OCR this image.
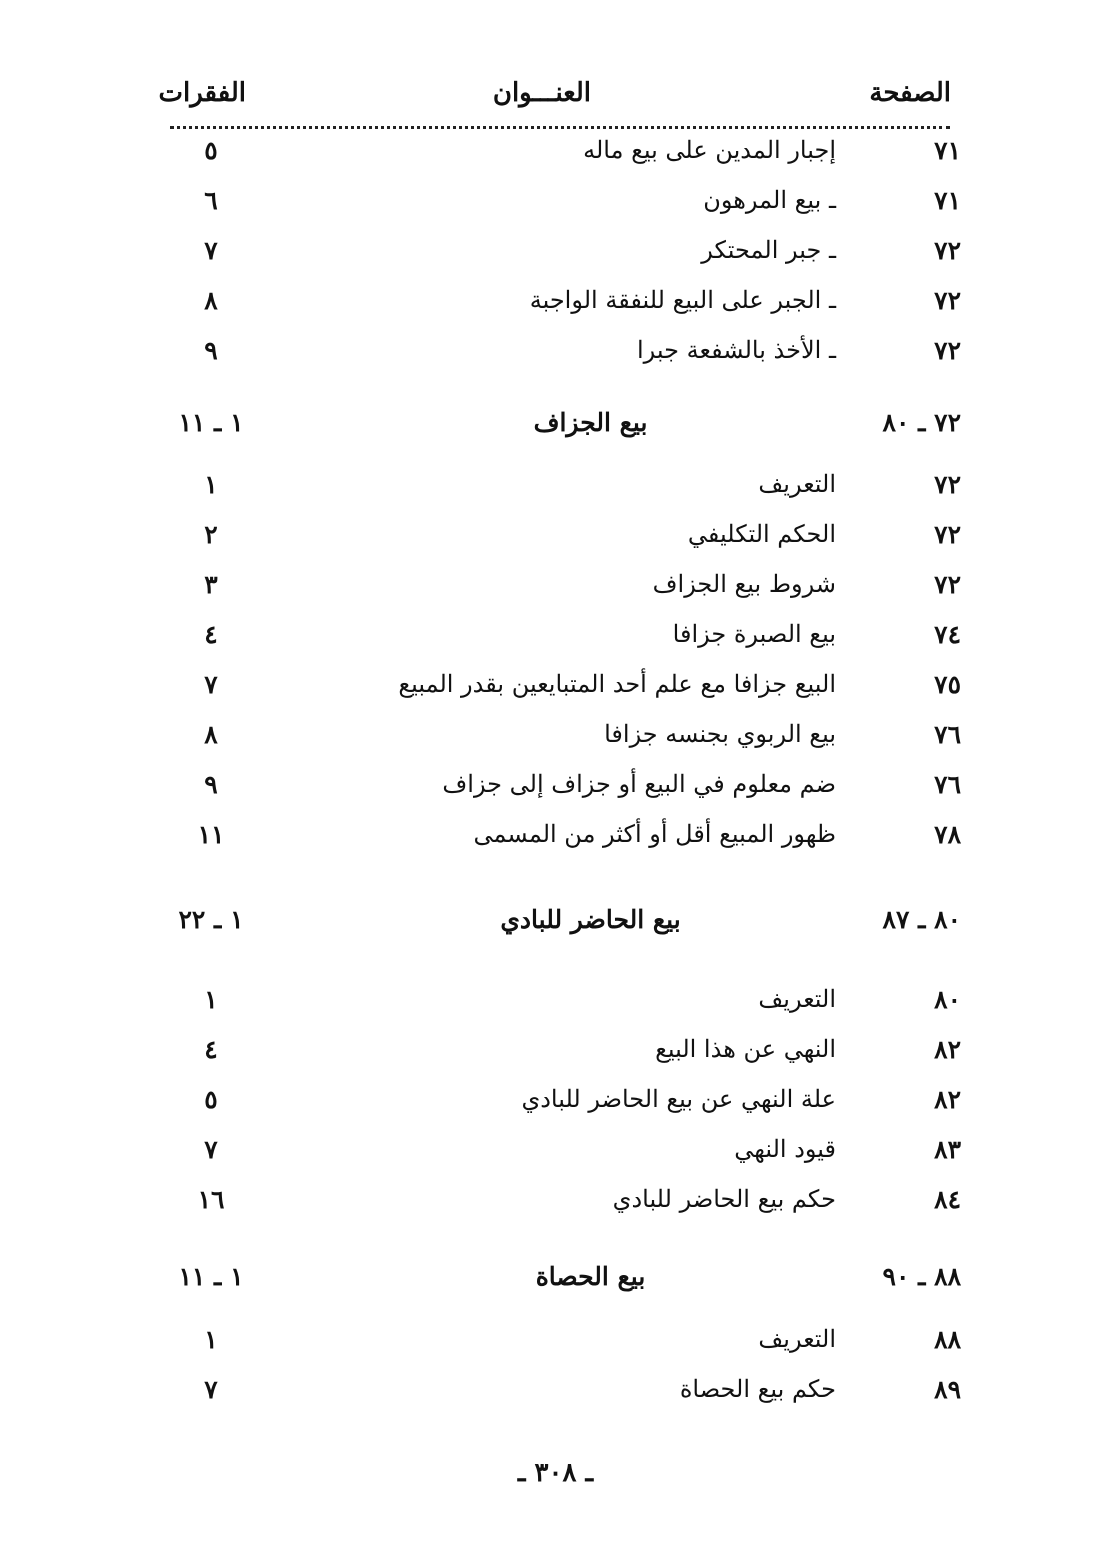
الصفحة
العنـــوان
الفقرات
٧١
إجبار المدين على بيع ماله
٥
٧١
ـ بيع المرهون
٦
٧٢
ـ جبر المحتكر
٧
٧٢
ـ الجبر على البيع للنفقة الواجبة
٨
٧٢
ـ الأخذ بالشفعة جبرا
٩
٧٢ ـ ٨٠
بيع الجزاف
١ ـ ١١
٧٢
التعريف
١
٧٢
الحكم التكليفي
٢
٧٢
شروط بيع الجزاف
٣
٧٤
بيع الصبرة جزافا
٤
٧٥
البيع جزافا مع علم أحد المتبايعين بقدر المبيع
٧
٧٦
بيع الربوي بجنسه جزافا
٨
٧٦
ضم معلوم في البيع أو جزاف إلى جزاف
٩
٧٨
ظهور المبيع أقل أو أكثر من المسمى
١١
٨٠ ـ ٨٧
بيع الحاضر للبادي
١ ـ ٢٢
٨٠
التعريف
١
٨٢
النهي عن هذا البيع
٤
٨٢
علة النهي عن بيع الحاضر للبادي
٥
٨٣
قيود النهي
٧
٨٤
حكم بيع الحاضر للبادي
١٦
٨٨ ـ ٩٠
بيع الحصاة
١ ـ ١١
٨٨
التعريف
١
٨٩
حكم بيع الحصاة
٧
ـ ٣٠٨ ـ
